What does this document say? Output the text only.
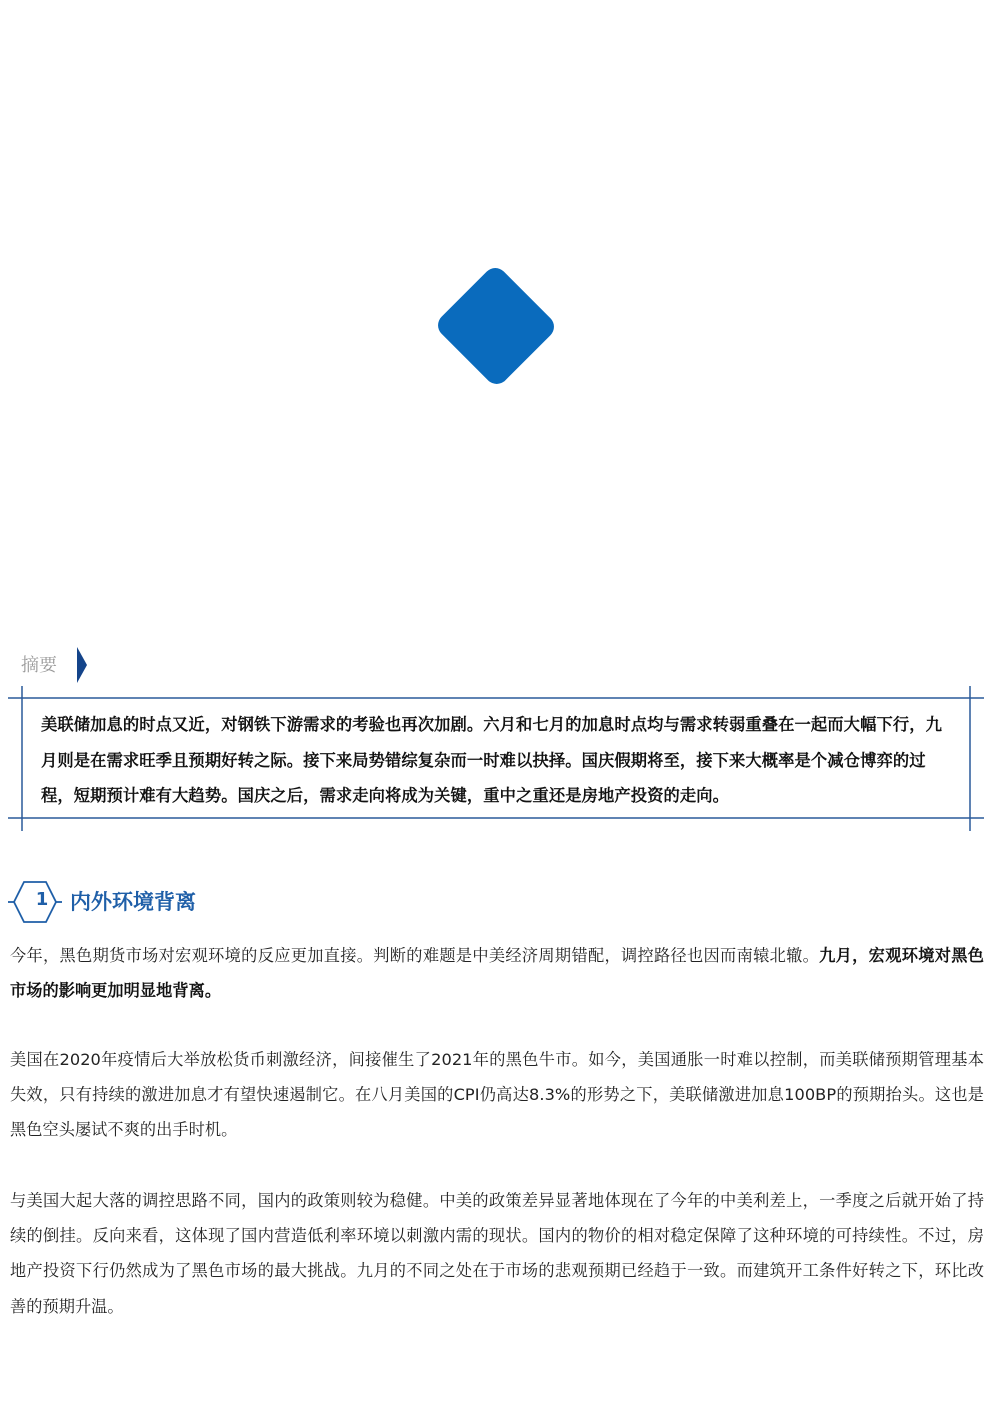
摘要
美联储加息的时点又近，对钢铁下游需求的考验也再次加剧。六月和七月的加息时点均与需求转弱重叠在一起而大幅下行，九月则是在需求旺季且预期好转之际。接下来局势错综复杂而一时难以抉择。国庆假期将至，接下来大概率是个减仓博弈的过程，短期预计难有大趋势。国庆之后，需求走向将成为关键，重中之重还是房地产投资的走向。
1 内外环境背离
今年，黑色期货市场对宏观环境的反应更加直接。判断的难题是中美经济周期错配，调控路径也因而南辕北辙。九月，宏观环境对黑色市场的影响更加明显地背离。
美国在2020年疫情后大举放松货币刺激经济，间接催生了2021年的黑色牛市。如今，美国通胀一时难以控制，而美联储预期管理基本失效，只有持续的激进加息才有望快速遏制它。在八月美国的CPI仍高达8.3%的形势之下，美联储激进加息100BP的预期抬头。这也是黑色空头屡试不爽的出手时机。
与美国大起大落的调控思路不同，国内的政策则较为稳健。中美的政策差异显著地体现在了今年的中美利差上，一季度之后就开始了持续的倒挂。反向来看，这体现了国内营造低利率环境以刺激内需的现状。国内的物价的相对稳定保障了这种环境的可持续性。不过，房地产投资下行仍然成为了黑色市场的最大挑战。九月的不同之处在于市场的悲观预期已经趋于一致。而建筑开工条件好转之下，环比改善的预期升温。
